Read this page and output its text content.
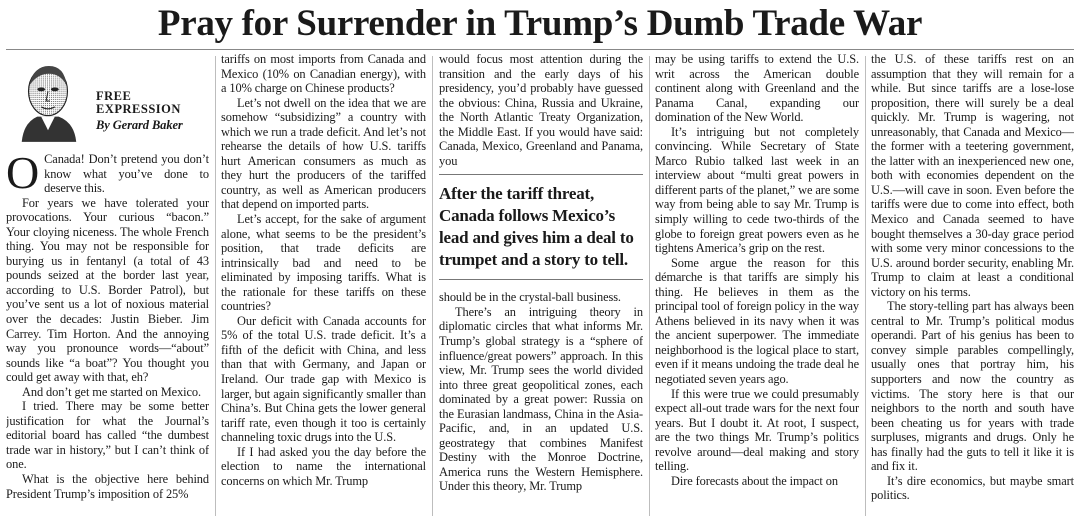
Pray for Surrender in Trump’s Dumb Trade War
FREE
EXPRESSION
By Gerard Baker

O Canada! Don’t pretend you don’t know what you’ve done to deserve this.

For years we have tolerated your provocations. Your curious “bacon.” Your cloying niceness. The whole French thing. You may not be responsible for burying us in fentanyl (a total of 43 pounds seized at the border last year, according to U.S. Border Patrol), but you’ve sent us a lot of noxious material over the decades: Justin Bieber. Jim Carrey. Tim Horton. And the annoying way you pronounce words—“about” sounds like “a boat”? You thought you could get away with that, eh?

And don’t get me started on Mexico.

I tried. There may be some better justification for what the Journal’s editorial board has called “the dumbest trade war in history,” but I can’t think of one.

What is the objective here behind President Trump’s imposition of 25%

tariffs on most imports from Canada and Mexico (10% on Canadian energy), with a 10% charge on Chinese products?

Let’s not dwell on the idea that we are somehow “subsidizing” a country with which we run a trade deficit. And let’s not rehearse the details of how U.S. tariffs hurt American consumers as much as they hurt the producers of the tariffed country, as well as American producers that depend on imported parts.

Let’s accept, for the sake of argument alone, what seems to be the president’s position, that trade deficits are intrinsically bad and need to be eliminated by imposing tariffs. What is the rationale for these tariffs on these countries?

Our deficit with Canada accounts for 5% of the total U.S. trade deficit. It’s a fifth of the deficit with China, and less than that with Germany, and Japan or Ireland. Our trade gap with Mexico is larger, but again significantly smaller than China’s. But China gets the lower general tariff rate, even though it too is certainly channeling toxic drugs into the U.S.

If I had asked you the day before the election to name the international concerns on which Mr. Trump

would focus most attention during the transition and the early days of his presidency, you’d probably have guessed the obvious: China, Russia and Ukraine, the North Atlantic Treaty Organization, the Middle East. If you would have said: Canada, Mexico, Greenland and Panama, you

After the tariff threat, Canada follows Mexico’s lead and gives him a deal to trumpet and a story to tell.

should be in the crystal-ball business.

There’s an intriguing theory in diplomatic circles that what informs Mr. Trump’s global strategy is a “sphere of influence/great powers” approach. In this view, Mr. Trump sees the world divided into three great geopolitical zones, each dominated by a great power: Russia on the Eurasian landmass, China in the Asia-Pacific, and, in an updated U.S. geostrategy that combines Manifest Destiny with the Monroe Doctrine, America runs the Western Hemisphere. Under this theory, Mr. Trump

may be using tariffs to extend the U.S. writ across the American double continent along with Greenland and the Panama Canal, expanding our domination of the New World.

It’s intriguing but not completely convincing. While Secretary of State Marco Rubio talked last week in an interview about “multi great powers in different parts of the planet,” we are some way from being able to say Mr. Trump is simply willing to cede two-thirds of the globe to foreign great powers even as he tightens America’s grip on the rest.

Some argue the reason for this démarche is that tariffs are simply his thing. He believes in them as the principal tool of foreign policy in the way Athens believed in its navy when it was the ancient superpower. The immediate neighborhood is the logical place to start, even if it means undoing the trade deal he negotiated seven years ago.

If this were true we could presumably expect all-out trade wars for the next four years. But I doubt it. At root, I suspect, are the two things Mr. Trump’s politics revolve around—deal making and story telling.

Dire forecasts about the impact on

the U.S. of these tariffs rest on an assumption that they will remain for a while. But since tariffs are a lose-lose proposition, there will surely be a deal quickly. Mr. Trump is wagering, not unreasonably, that Canada and Mexico—the former with a teetering government, the latter with an inexperienced new one, both with economies dependent on the U.S.—will cave in soon. Even before the tariffs were due to come into effect, both Mexico and Canada seemed to have bought themselves a 30-day grace period with some very minor concessions to the U.S. around border security, enabling Mr. Trump to claim at least a conditional victory on his terms.

The story-telling part has always been central to Mr. Trump’s political modus operandi. Part of his genius has been to convey simple parables compellingly, usually ones that portray him, his supporters and now the country as victims. The story here is that our neighbors to the north and south have been cheating us for years with trade surpluses, migrants and drugs. Only he has finally had the guts to tell it like it is and fix it.

It’s dire economics, but maybe smart politics.
